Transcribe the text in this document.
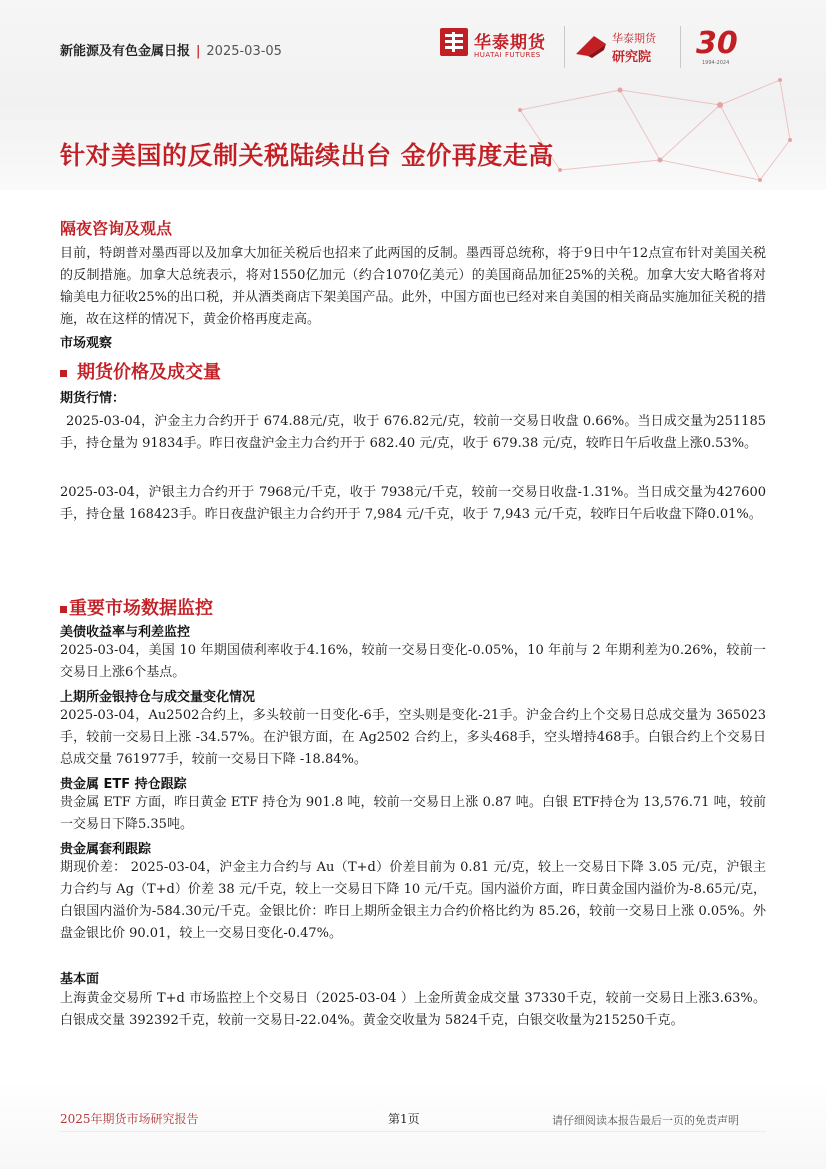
新能源及有色金属日报 | 2025-03-05	华泰期货
HUATAI FUTURES
华泰期货
研究院 30
1994-2024
针对美国的反制关税陆续出台 金价再度走高
隔夜咨询及观点

目前，特朗普对墨西哥以及加拿大加征关税后也招来了此两国的反制。墨西哥总统称，将于9日中午12点宣布针对美国关税的反制措施。加拿大总统表示，将对1550亿加元（约合1070亿美元）的美国商品加征25%的关税。加拿大安大略省将对输美电力征收25%的出口税，并从酒类商店下架美国产品。此外，中国方面也已经对来自美国的相关商品实施加征关税的措施，故在这样的情况下，黄金价格再度走高。

市场观察
期货价格及成交量
期货行情：

2025-03-04，沪金主力合约开于 674.88元/克，收于 676.82元/克，较前一交易日收盘 0.66%。当日成交量为251185手，持仓量为 91834手。昨日夜盘沪金主力合约开于 682.40 元/克，收于 679.38 元/克，较昨日午后收盘上涨0.53%。

2025-03-04，沪银主力合约开于 7968元/千克，收于 7938元/千克，较前一交易日收盘-1.31%。当日成交量为427600手，持仓量 168423手。昨日夜盘沪银主力合约开于 7,984 元/千克，收于 7,943 元/千克，较昨日午后收盘下降0.01%。

重要市场数据监控
美债收益率与利差监控

2025-03-04，美国 10 年期国债利率收于4.16%，较前一交易日变化-0.05%，10 年前与 2 年期利差为0.26%，较前一交易日上涨6个基点。

上期所金银持仓与成交量变化情况

2025-03-04，Au2502合约上，多头较前一日变化-6手，空头则是变化-21手。沪金合约上个交易日总成交量为 365023手，较前一交易日上涨 -34.57%。在沪银方面，在 Ag2502 合约上，多头468手，空头增持468手。白银合约上个交易日总成交量 761977手，较前一交易日下降 -18.84%。

贵金属 ETF 持仓跟踪

贵金属 ETF 方面，昨日黄金 ETF 持仓为 901.8 吨，较前一交易日上涨 0.87 吨。白银 ETF持仓为 13,576.71 吨，较前一交易日下降5.35吨。

贵金属套利跟踪

期现价差： 2025-03-04，沪金主力合约与 Au（T+d）价差目前为 0.81 元/克，较上一交易日下降 3.05 元/克，沪银主力合约与 Ag（T+d）价差 38 元/千克，较上一交易日下降 10 元/千克。国内溢价方面，昨日黄金国内溢价为-8.65元/克，白银国内溢价为-584.30元/千克。金银比价：昨日上期所金银主力合约价格比约为 85.26，较前一交易日上涨 0.05%。外盘金银比价 90.01，较上一交易日变化-0.47%。

基本面

上海黄金交易所 T+d 市场监控上个交易日（2025-03-04 ）上金所黄金成交量 37330千克，较前一交易日上涨3.63%。白银成交量 392392千克，较前一交易日-22.04%。黄金交收量为 5824千克，白银交收量为215250千克。

2025年期货市场研究报告	第1页	请仔细阅读本报告最后一页的免责声明
